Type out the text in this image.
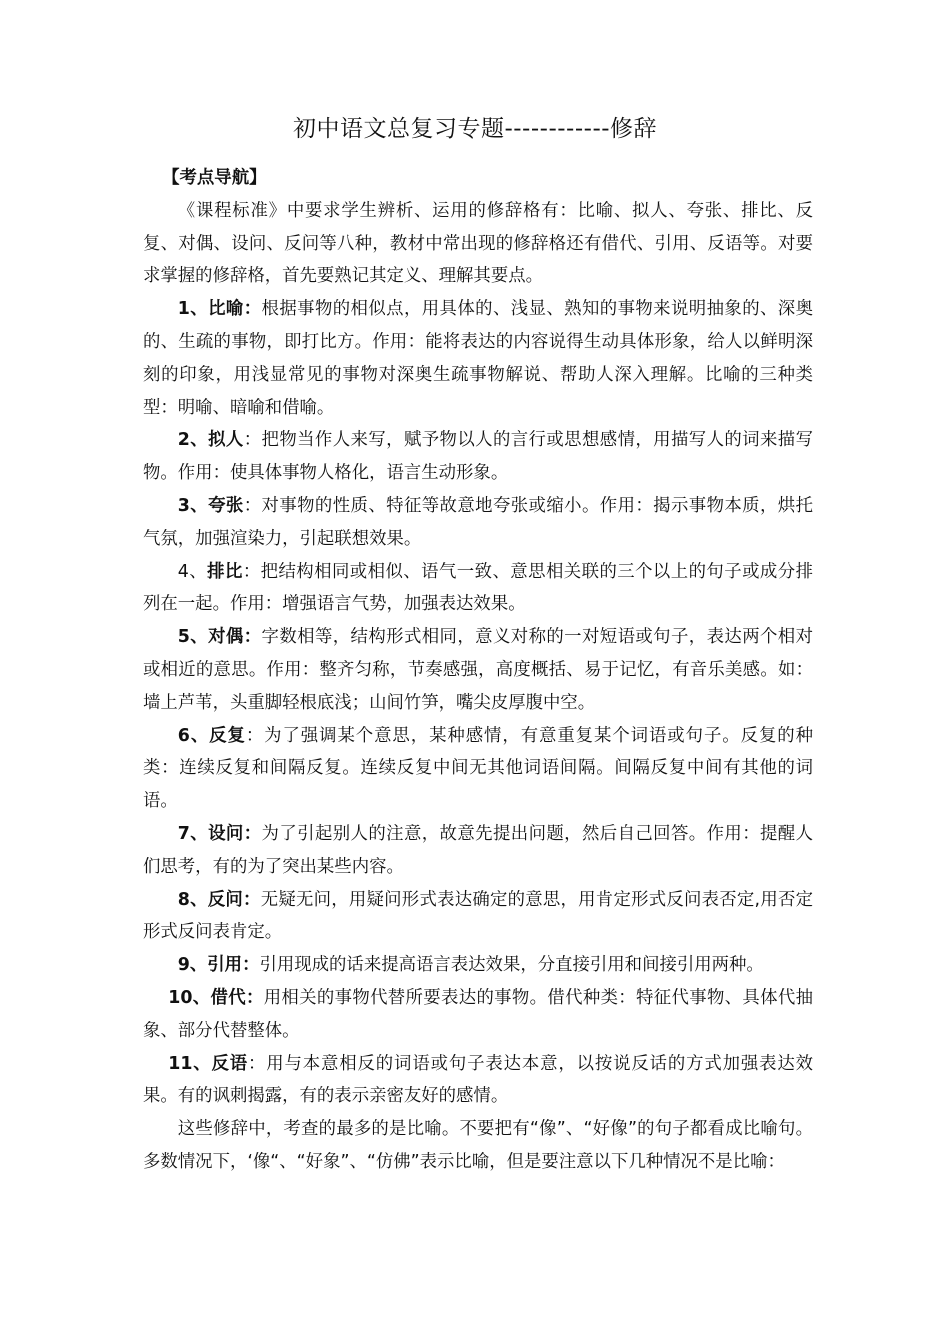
初中语文总复习专题------------修辞

【考点导航】

《课程标准》中要求学生辨析、运用的修辞格有：比喻、拟人、夸张、排比、反复、对偶、设问、反问等八种，教材中常出现的修辞格还有借代、引用、反语等。对要求掌握的修辞格，首先要熟记其定义、理解其要点。

1、比喻：根据事物的相似点，用具体的、浅显、熟知的事物来说明抽象的、深奥的、生疏的事物，即打比方。作用：能将表达的内容说得生动具体形象，给人以鲜明深刻的印象，用浅显常见的事物对深奥生疏事物解说、帮助人深入理解。比喻的三种类型：明喻、暗喻和借喻。

2、拟人：把物当作人来写，赋予物以人的言行或思想感情，用描写人的词来描写物。作用：使具体事物人格化，语言生动形象。

3、夸张：对事物的性质、特征等故意地夸张或缩小。作用：揭示事物本质，烘托气氛，加强渲染力，引起联想效果。

4、排比：把结构相同或相似、语气一致、意思相关联的三个以上的句子或成分排列在一起。作用：增强语言气势，加强表达效果。

5、对偶：字数相等，结构形式相同，意义对称的一对短语或句子，表达两个相对或相近的意思。作用：整齐匀称，节奏感强，高度概括、易于记忆，有音乐美感。如：墙上芦苇，头重脚轻根底浅；山间竹笋，嘴尖皮厚腹中空。

6、反复：为了强调某个意思，某种感情，有意重复某个词语或句子。反复的种类：连续反复和间隔反复。连续反复中间无其他词语间隔。间隔反复中间有其他的词语。

7、设问：为了引起别人的注意，故意先提出问题，然后自己回答。作用：提醒人们思考，有的为了突出某些内容。

8、反问：无疑无问，用疑问形式表达确定的意思，用肯定形式反问表否定,用否定形式反问表肯定。

9、引用：引用现成的话来提高语言表达效果，分直接引用和间接引用两种。

10、借代：用相关的事物代替所要表达的事物。借代种类：特征代事物、具体代抽象、部分代替整体。

11、反语：用与本意相反的词语或句子表达本意，以按说反话的方式加强表达效果。有的讽刺揭露，有的表示亲密友好的感情。

这些修辞中，考查的最多的是比喻。不要把有“像”、“好像”的句子都看成比喻句。多数情况下，‘像“、“好象”、“仿佛”表示比喻，但是要注意以下几种情况不是比喻：
